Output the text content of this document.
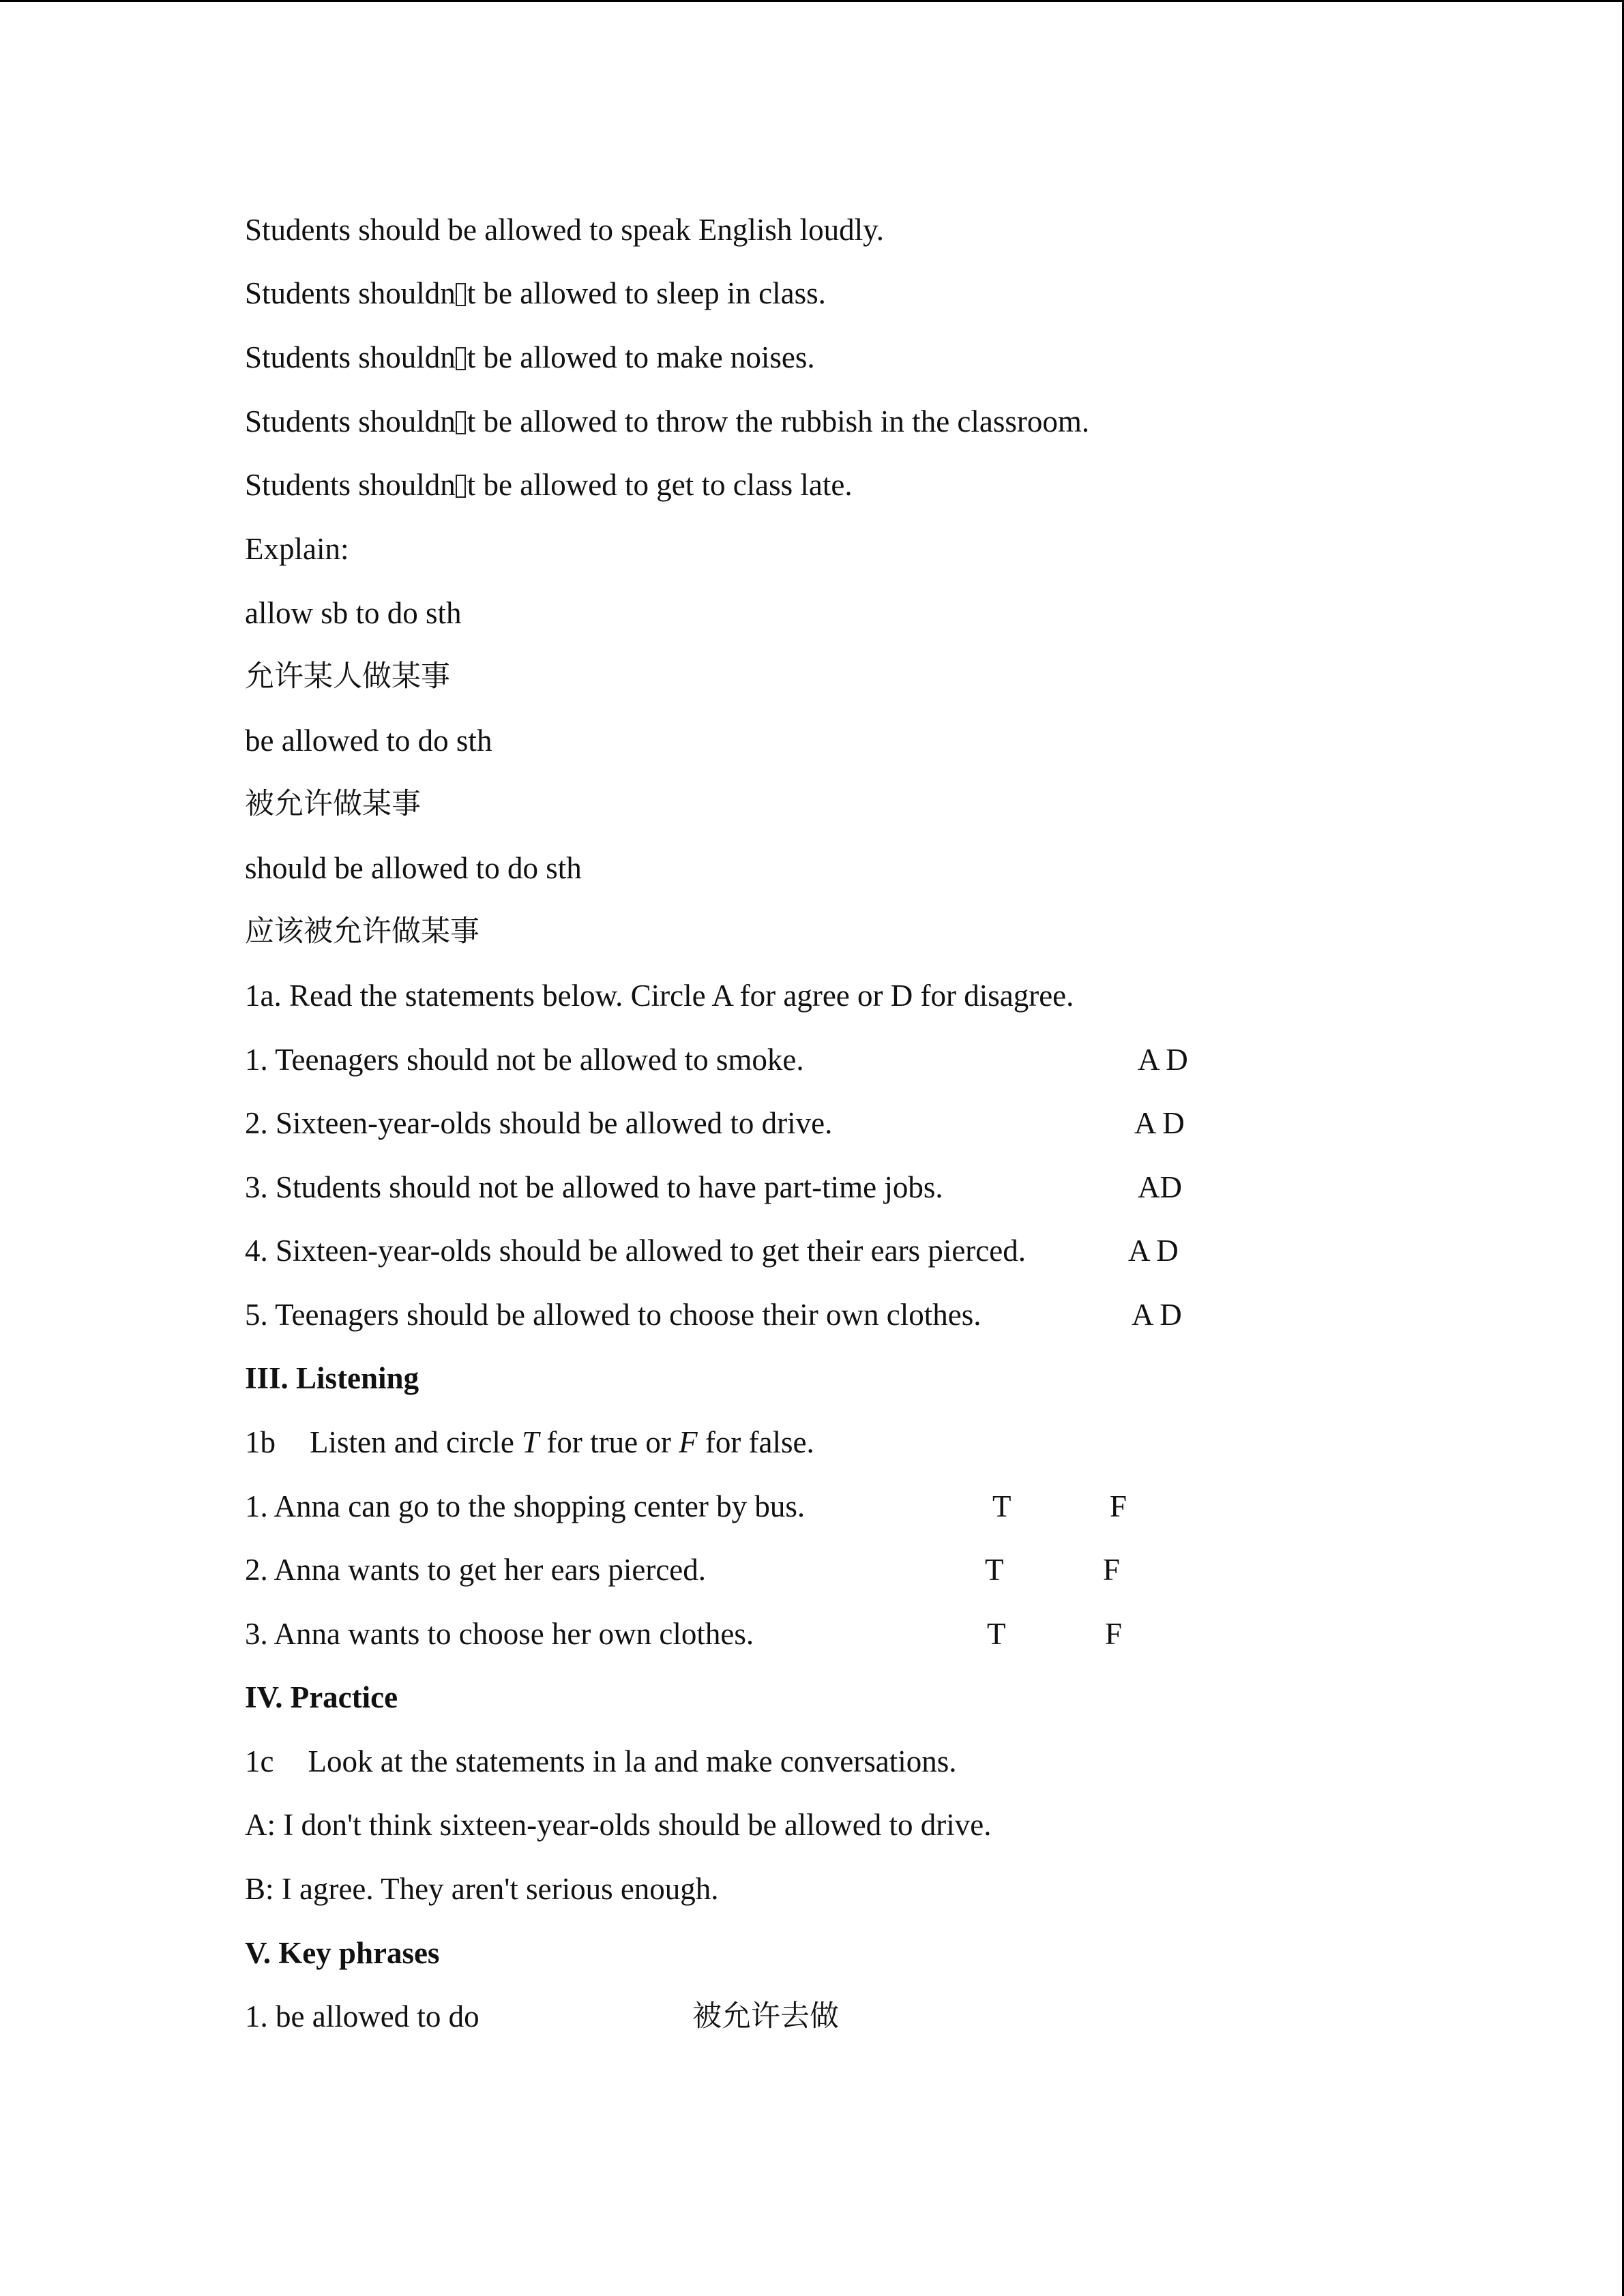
Students should be allowed to speak English loudly.
Students shouldn t be allowed to sleep in class.
Students shouldn t be allowed to make noises.
Students shouldn t be allowed to throw the rubbish in the classroom.
Students shouldn t be allowed to get to class late.
Explain:
allow sb to do sth
允许某人做某事
be allowed to do sth
被允许做某事
should be allowed to do sth
应该被允许做某事
1a. Read the statements below. Circle A for agree or D for disagree.
1. Teenagers should not be allowed to smoke.	A D
2. Sixteen-year-olds should be allowed to drive.	A D
3. Students should not be allowed to have part-time jobs.	AD
4. Sixteen-year-olds should be allowed to get their ears pierced.	A D
5. Teenagers should be allowed to choose their own clothes.	A D
III. Listening
1b Listen and circle T for true or F for false.
1. Anna can go to the shopping center by bus.	T	F
2. Anna wants to get her ears pierced.	T	F
3. Anna wants to choose her own clothes.	T	F
IV. Practice
1c Look at the statements in la and make conversations.
A: I don't think sixteen-year-olds should be allowed to drive.
B: I agree. They aren't serious enough.
V. Key phrases
1. be allowed to do	被允许去做
